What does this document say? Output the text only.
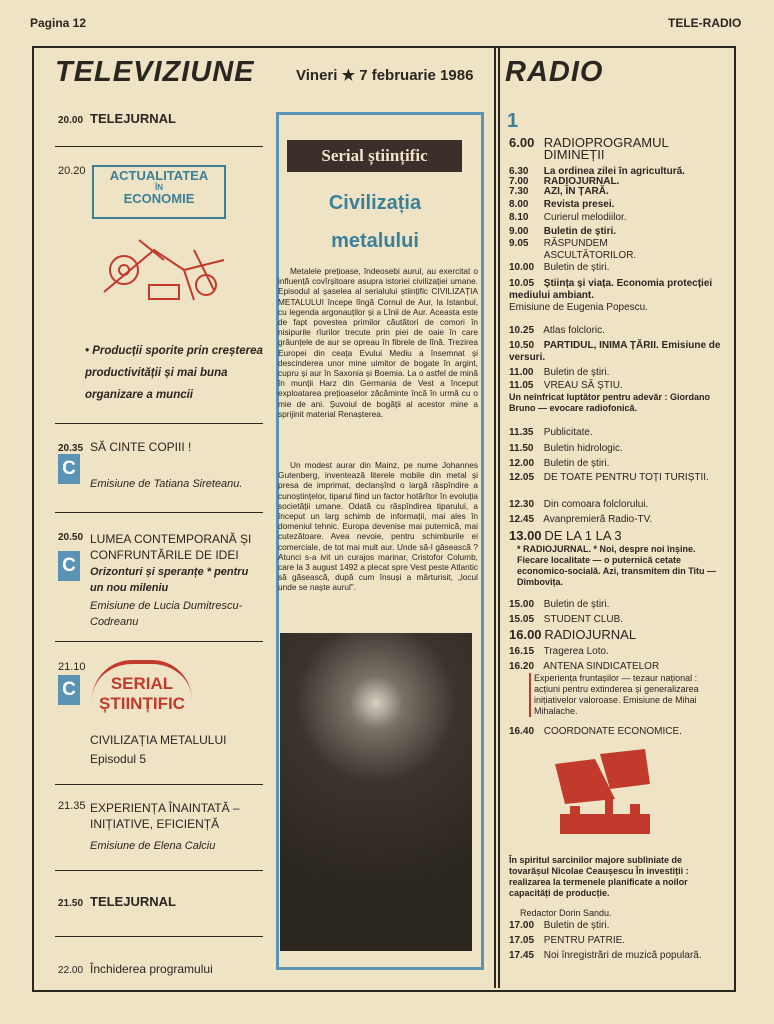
Pagina 12	TELE-RADIO
TELEVIZIUNE	Vineri ★ 7 februarie 1986 RADIO
20.00 TELEJURNAL
20.20	ACTUALITATEA
ÎN
ECONOMIE
• Producții sporite prin creșterea productivității și mai buna organizare a muncii
20.35 SĂ CINTE COPIII !
C
Emisiune de Tatiana Sireteanu.
20.50 LUMEA CONTEMPORANĂ ȘI CONFRUNTĂRILE DE IDEI
C	Orizonturi și speranțe * pentru un nou mileniu
Emisiune de Lucia Dumitrescu-Codreanu
21.10
C	SERIAL
ȘTIINȚIFIC
CIVILIZAȚIA METALULUI
Episodul 5
21.35 EXPERIENȚA ÎNAINTATĂ – INIȚIATIVE, EFICIENȚĂ
Emisiune de Elena Calciu
21.50 TELEJURNAL
22.00 Închiderea programului
Serial științific
Civilizația
metalului
Metalele prețioase, îndeosebi aurul, au exercitat o influență covîrșitoare asupra istoriei civilizației umane. Episodul al șaselea al serialului științific CIVILIZAȚIA METALULUI începe lîngă Cornul de Aur, la Istanbul, cu legenda argonauților și a Lînii de Aur. Aceasta este de fapt povestea primilor căutători de comori în nisipurile rîurilor trecute prin piei de oaie în care grăunțele de aur se opreau în fibrele de lînă. Trezirea Europei din ceața Evului Mediu a însemnat și descinderea unor mine uimitor de bogate în argint, cupru și aur în Saxonia și Boemia. La o astfel de mină în munții Harz din Germania de Vest a început exploatarea prețioaselor zăcăminte încă în urmă cu o mie de ani. Șuvoiul de bogății al acestor mine a sprijinit material Renașterea.
Un modest aurar din Mainz, pe nume Johannes Gutenberg, inventează literele mobile din metal și presa de imprimat, declanșînd o largă răspîndire a cunoștințelor, tiparul fiind un factor hotărîtor în evoluția societății umane. Odată cu răspîndirea tiparului, a început un larg schimb de informații, mai ales în domeniul tehnic. Europa devenise mai puternică, mai cutezătoare. Avea nevoie, pentru schimburile ei comerciale, de tot mai mult aur. Unde să-l găsească ? Atunci s-a ivit un curajos marinar, Cristofor Columb, care la 3 august 1492 a plecat spre Vest peste Atlantic să găsească, după cum însuși a mărturisit, „locul unde se naște aurul”.
1
6.00 RADIOPROGRAMUL DIMINEȚII
6.30 La ordinea zilei în agricultură.
7.00 RADIOJURNAL.
7.30 AZI, ÎN ȚARĂ.
8.00 Revista presei.
8.10 Curierul melodiilor.
9.00 Buletin de știri.
9.05 RĂSPUNDEM ASCULTĂTORILOR.
10.00 Buletin de știri.
10.05 Știința și viața. Economia protecției mediului ambiant.
Emisiune de Eugenia Popescu.
10.25 Atlas folcloric.
10.50 PARTIDUL, INIMA ȚĂRII. Emisiune de versuri.
11.00 Buletin de știri.
11.05 VREAU SĂ ȘTIU.
Un neînfricat luptător pentru adevăr : Giordano Bruno — evocare radiofonică.
11.35 Publicitate.
11.50 Buletin hidrologic.
12.00 Buletin de știri.
12.05 DE TOATE PENTRU TOȚI TURIȘTII.
12.30 Din comoara folclorului.
12.45 Avanpremieră Radio-TV.
13.00 DE LA 1 LA 3
* RADIOJURNAL. * Noi, despre noi înșine. Fiecare localitate — o puternică cetate economico-socială. Azi, transmitem din Titu — Dîmbovița.
15.00 Buletin de știri.
15.05 STUDENT CLUB.
16.00 RADIOJURNAL
16.15 Tragerea Loto.
16.20 ANTENA SINDICATELOR
Experiența fruntașilor — tezaur național : acțiuni pentru extinderea și generalizarea inițiativelor valoroase. Emisiune de Mihai Mihalache.
16.40 COORDONATE ECONOMICE.
În spiritul sarcinilor majore subliniate de tovarășul Nicolae Ceaușescu În investiții : realizarea la termenele planificate a noilor capacități de producție.
Redactor Dorin Sandu.
17.00 Buletin de știri.
17.05 PENTRU PATRIE.
17.45 Noi înregistrări de muzică populară.
